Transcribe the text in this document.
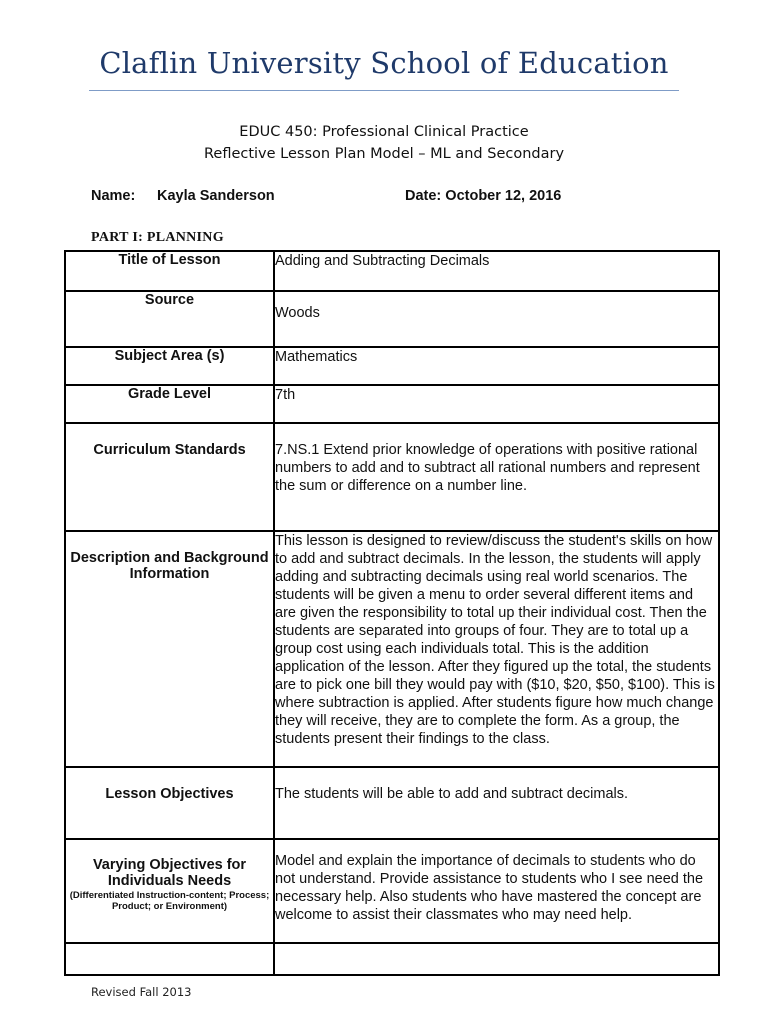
Claflin University School of Education
EDUC 450: Professional Clinical Practice
Reflective Lesson Plan Model – ML and Secondary
Name: Kayla Sanderson	Date: October 12, 2016
PART I: PLANNING
Title of Lesson	Adding and Subtracting Decimals
Source	Woods
Subject Area (s)	Mathematics
Grade Level	7th
Curriculum Standards	7.NS.1 Extend prior knowledge of operations with positive rational numbers to add and to subtract all rational numbers and represent the sum or difference on a number line.
Description and Background Information	This lesson is designed to review/discuss the student's skills on how to add and subtract decimals. In the lesson, the students will apply adding and subtracting decimals using real world scenarios. The students will be given a menu to order several different items and are given the responsibility to total up their individual cost. Then the students are separated into groups of four. They are to total up a group cost using each individuals total. This is the addition application of the lesson. After they figured up the total, the students are to pick one bill they would pay with ($10, $20, $50, $100). This is where subtraction is applied. After students figure how much change they will receive, they are to complete the form. As a group, the students present their findings to the class.
Lesson Objectives	The students will be able to add and subtract decimals.
Varying Objectives for Individuals Needs
(Differentiated Instruction-content; Process; Product; or Environment)	Model and explain the importance of decimals to students who do not understand. Provide assistance to students who I see need the necessary help. Also students who have mastered the concept are welcome to assist their classmates who may need help.

Revised Fall 2013
